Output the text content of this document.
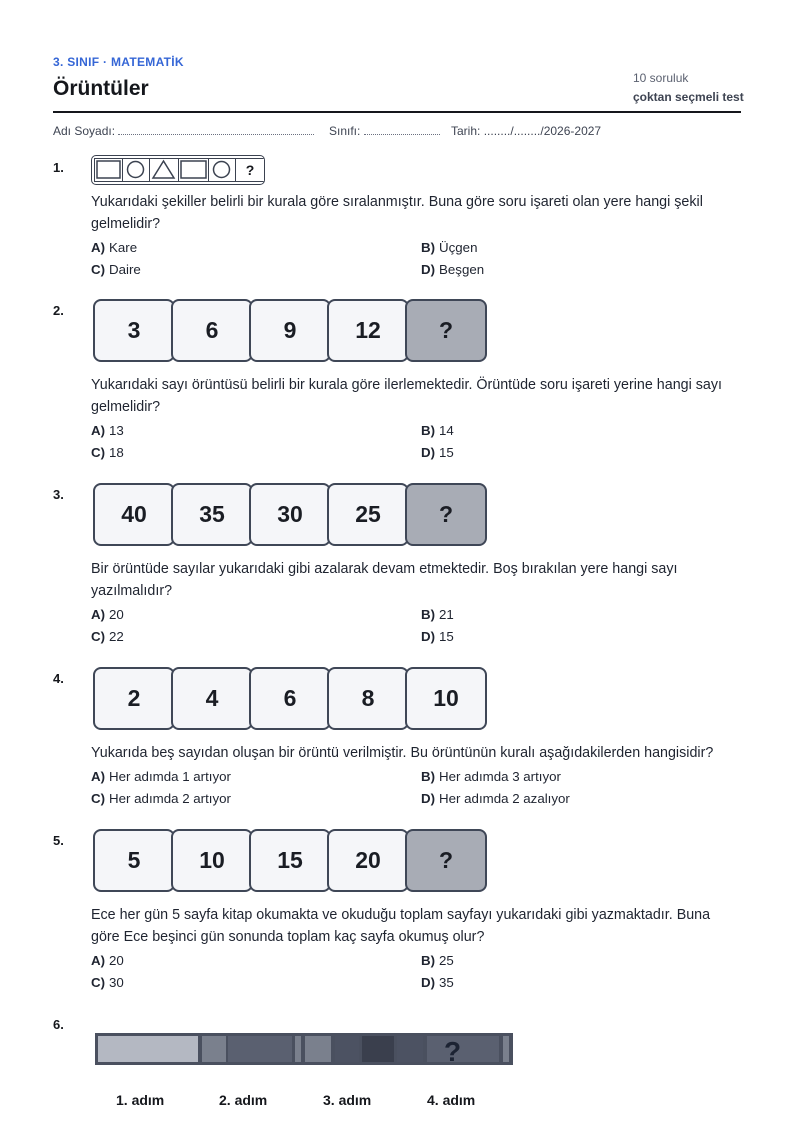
3. SINIF · MATEMATİK
Örüntüler	10 soruluk
çoktan seçmeli test
Adı Soyadı:	Sınıfı:	Tarih: ......../......../2026-2027
1.	?
Yukarıdaki şekiller belirli bir kurala göre sıralanmıştır. Buna göre soru işareti olan yere hangi şekil gelmelidir?
A) Kare	B) Üçgen
C) Daire	D) Beşgen
2.
3	6	9	12	?
Yukarıdaki sayı örüntüsü belirli bir kurala göre ilerlemektedir. Örüntüde soru işareti yerine hangi sayı gelmelidir?
A) 13	B) 14
C) 18	D) 15
3.
40	35	30	25	?
Bir örüntüde sayılar yukarıdaki gibi azalarak devam etmektedir. Boş bırakılan yere hangi sayı yazılmalıdır?
A) 20	B) 21
C) 22	D) 15
4.
2	4	6	8	10
Yukarıda beş sayıdan oluşan bir örüntü verilmiştir. Bu örüntünün kuralı aşağıdakilerden hangisidir?
A) Her adımda 1 artıyor	B) Her adımda 3 artıyor
C) Her adımda 2 artıyor	D) Her adımda 2 azalıyor
5.
5	10	15	20	?
Ece her gün 5 sayfa kitap okumakta ve okuduğu toplam sayfayı yukarıdaki gibi yazmaktadır. Buna göre Ece beşinci gün sonunda toplam kaç sayfa okumuş olur?
A) 20	B) 25
C) 30	D) 35
6.
?
1. adım	2. adım	3. adım	4. adım
